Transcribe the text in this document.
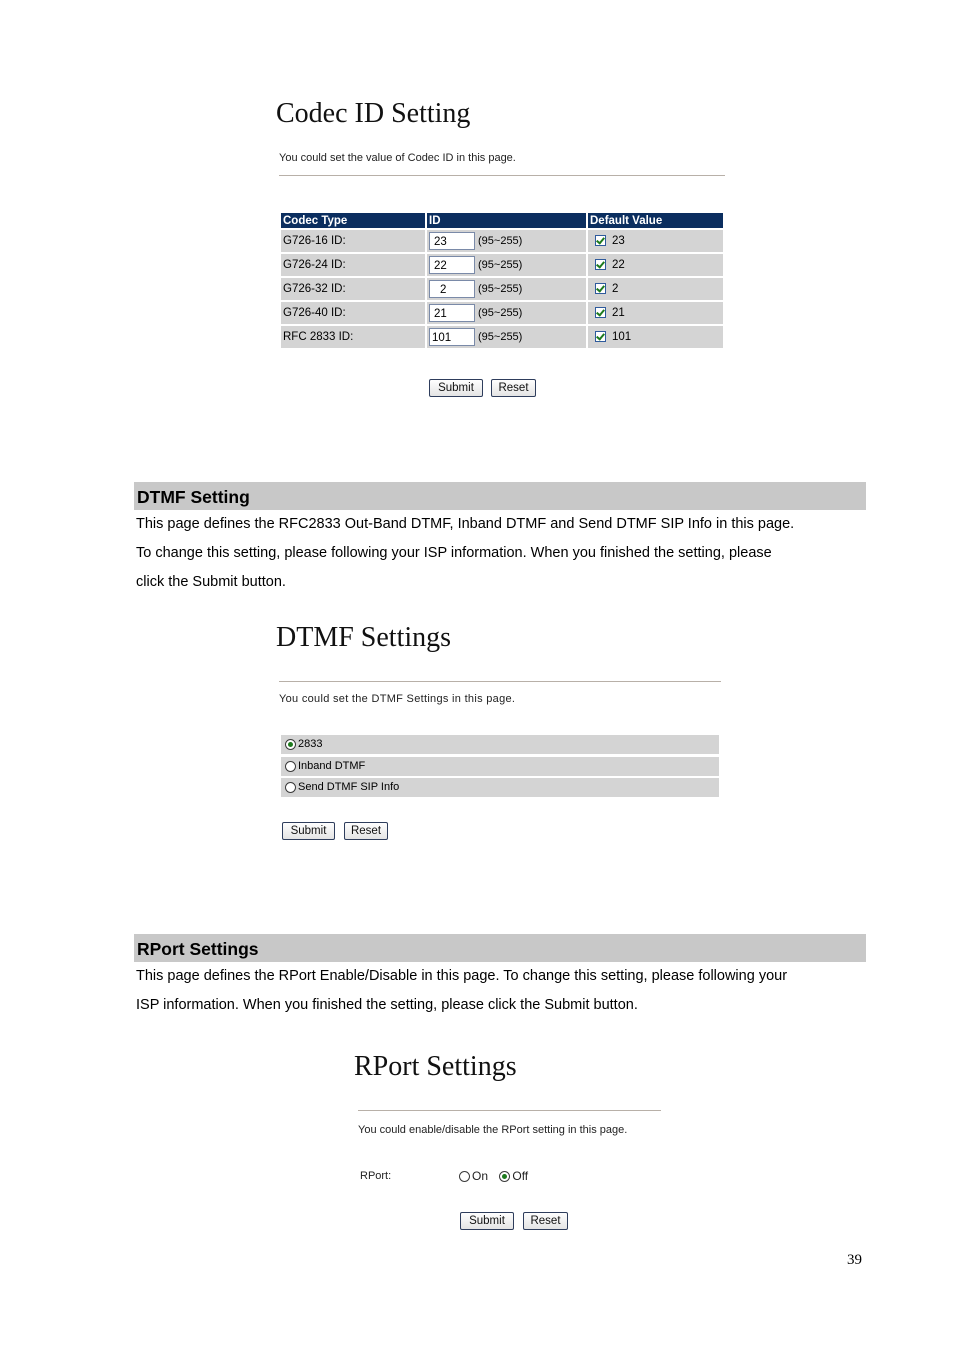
Codec ID Setting
You could set the value of Codec ID in this page.
Codec Type	ID	Default Value
G726-16 ID:	23 (95~255)	23
G726-24 ID:	22 (95~255)	22
G726-32 ID:	2 (95~255)	2
G726-40 ID:	21 (95~255)	21
RFC 2833 ID:	101 (95~255)	101
Submit	Reset
DTMF Setting
This page defines the RFC2833 Out-Band DTMF, Inband DTMF and Send DTMF SIP Info in this page.
To change this setting, please following your ISP information. When you finished the setting, please
click the Submit button.
DTMF Settings
You could set the DTMF Settings in this page.
2833
Inband DTMF
Send DTMF SIP Info
Submit	Reset
RPort Settings
This page defines the RPort Enable/Disable in this page. To change this setting, please following your
ISP information. When you finished the setting, please click the Submit button.
RPort Settings
You could enable/disable the RPort setting in this page.
RPort:	On Off
Submit	Reset
39
